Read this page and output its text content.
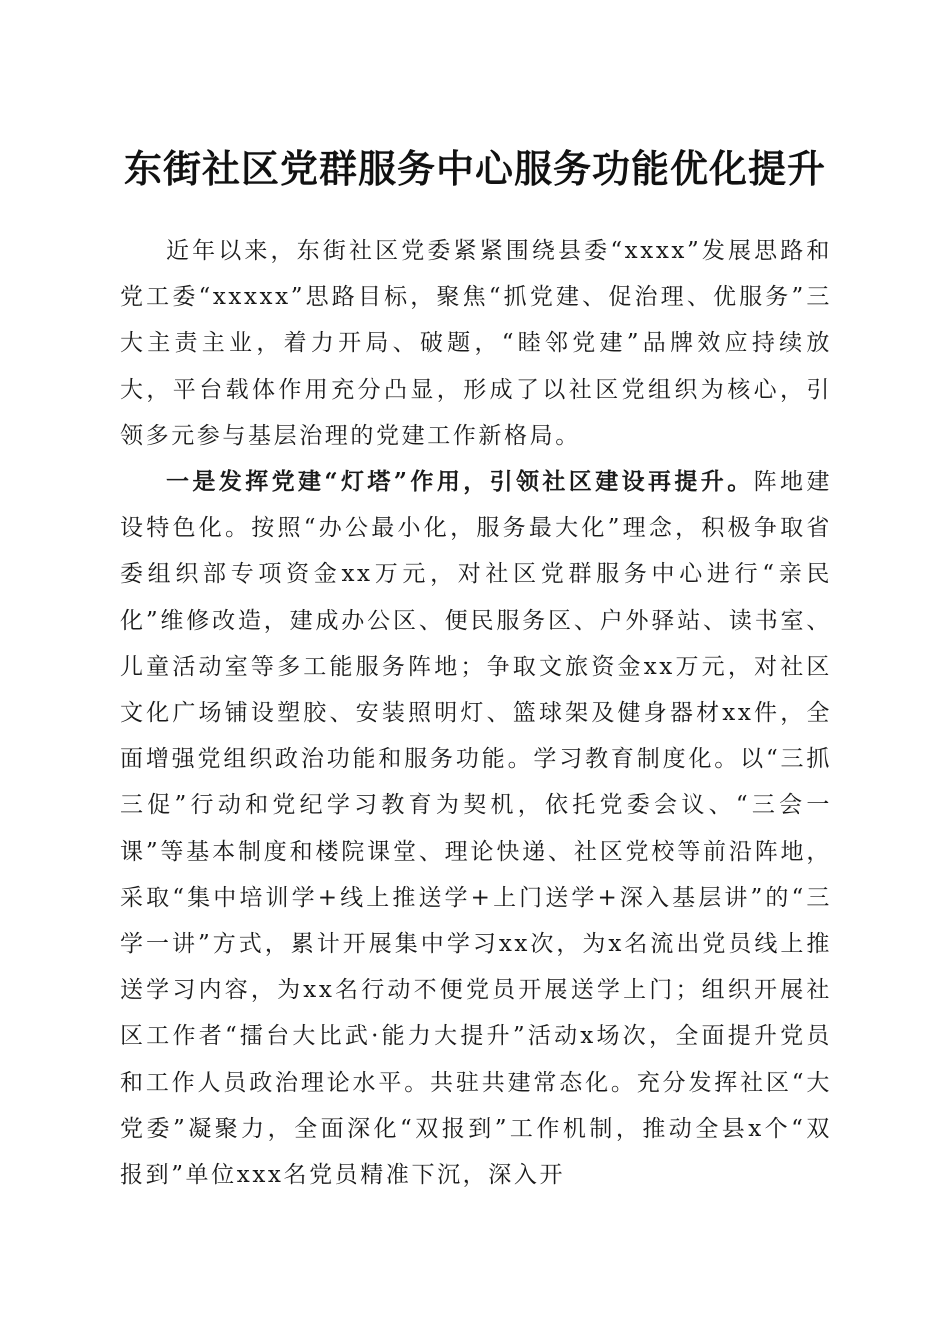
东街社区党群服务中心服务功能优化提升

近年以来，东街社区党委紧紧围绕县委“xxxx”发展思路和党工委“xxxxx”思路目标，聚焦“抓党建、促治理、优服务”三大主责主业，着力开局、破题，“睦邻党建”品牌效应持续放大，平台载体作用充分凸显，形成了以社区党组织为核心，引领多元参与基层治理的党建工作新格局。

一是发挥党建“灯塔”作用，引领社区建设再提升。阵地建设特色化。按照“办公最小化，服务最大化”理念，积极争取省委组织部专项资金xx万元，对社区党群服务中心进行“亲民化”维修改造，建成办公区、便民服务区、户外驿站、读书室、儿童活动室等多工能服务阵地；争取文旅资金xx万元，对社区文化广场铺设塑胶、安装照明灯、篮球架及健身器材xx件，全面增强党组织政治功能和服务功能。学习教育制度化。以“三抓三促”行动和党纪学习教育为契机，依托党委会议、“三会一课”等基本制度和楼院课堂、理论快递、社区党校等前沿阵地，采取“集中培训学+线上推送学+上门送学+深入基层讲”的“三学一讲”方式，累计开展集中学习xx次，为x名流出党员线上推送学习内容，为xx名行动不便党员开展送学上门；组织开展社区工作者“擂台大比武·能力大提升”活动x场次，全面提升党员和工作人员政治理论水平。共驻共建常态化。充分发挥社区“大党委”凝聚力，全面深化“双报到”工作机制，推动全县x个“双报到”单位xxx名党员精准下沉，深入开
